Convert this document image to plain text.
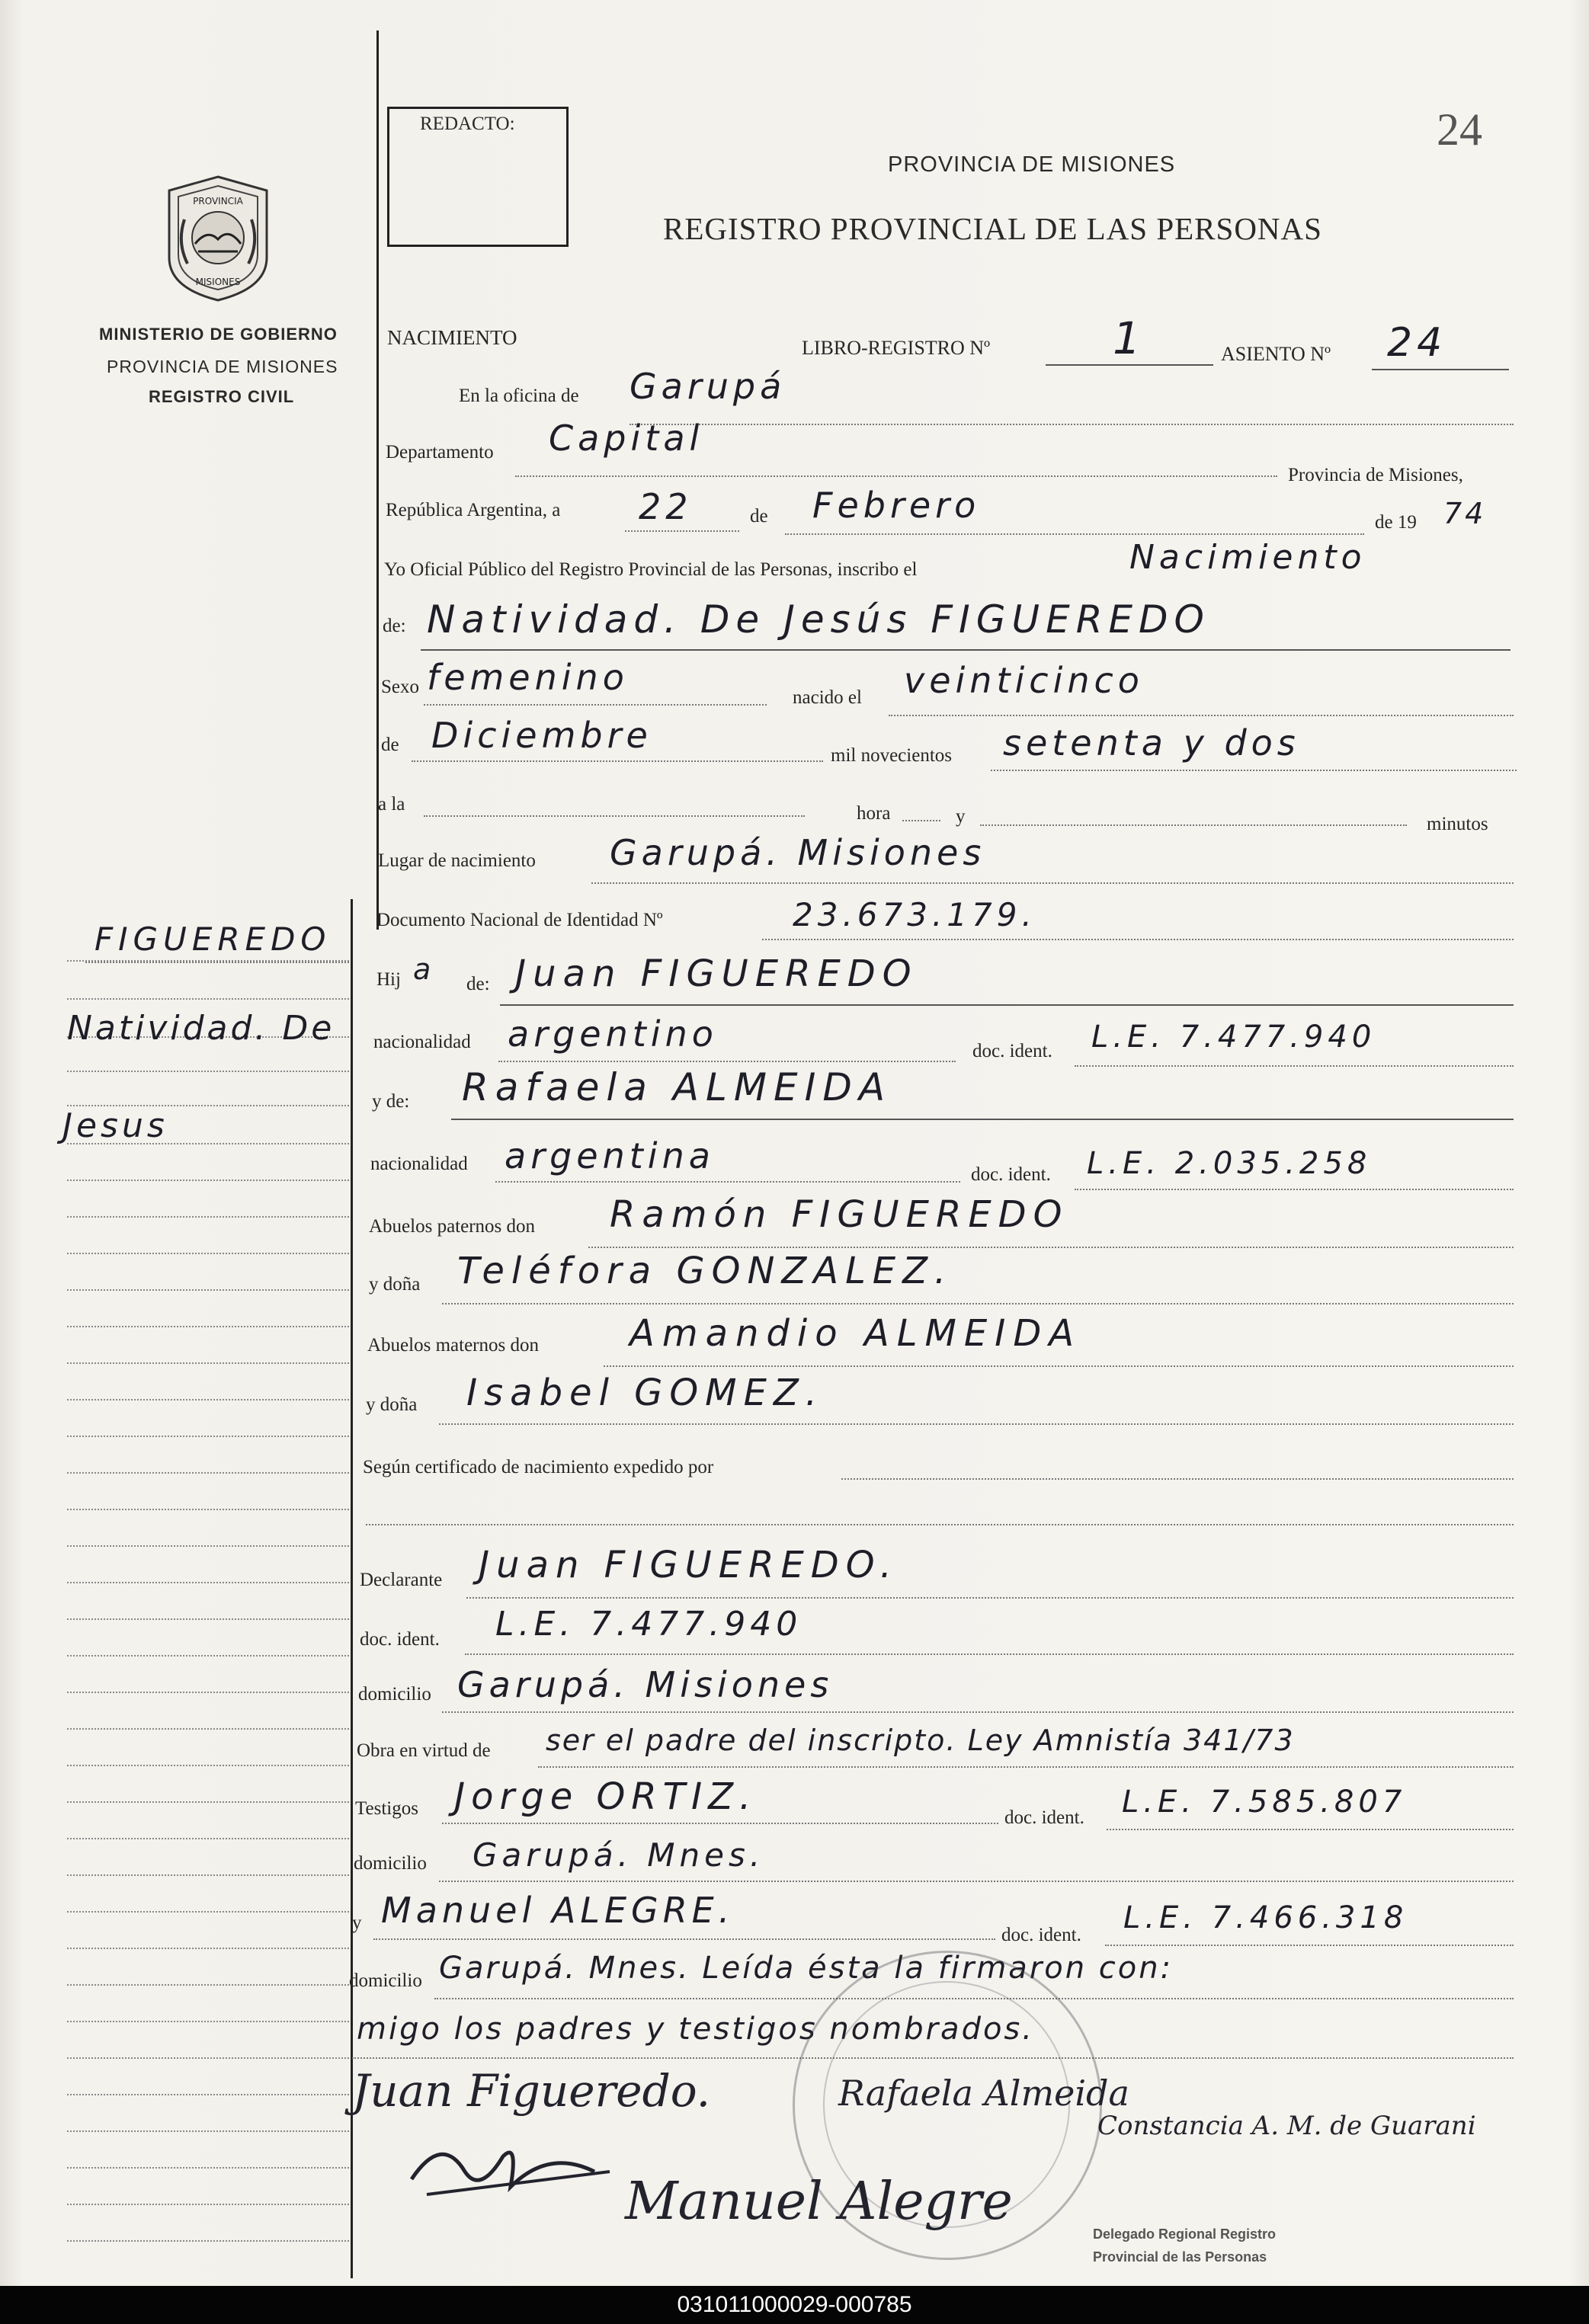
PROVINCIA
MISIONES
MINISTERIO DE GOBIERNO
PROVINCIA DE MISIONES
REGISTRO CIVIL
REDACTO:	24
PROVINCIA DE MISIONES
REGISTRO PROVINCIAL DE LAS PERSONAS
NACIMIENTO	LIBRO-REGISTRO Nº	1	ASIENTO Nº 24
En la oficina de Garupá
Departamento Capital
Provincia de Misiones,
República Argentina, a 22	de Febrero	de 19 74
Yo Oficial Público del Registro Provincial de las Personas, inscribo el	Nacimiento
de: Natividad. De Jesús FIGUEREDO
Sexo femenino	nacido el veinticinco
de Diciembre	mil novecientos setenta y dos
a la	hora	y	minutos
Lugar de nacimiento Garupá. Misiones
Documento Nacional de Identidad Nº	23.673.179.
FIGUEREDO
Natividad. De
Jesus
Hij a de: Juan FIGUEREDO
nacionalidad argentino	doc. ident. L.E. 7.477.940
y de: Rafaela ALMEIDA
nacionalidad argentina	doc. ident. L.E. 2.035.258
Abuelos paternos don Ramón FIGUEREDO
y doña Teléfora GONZALEZ.
Abuelos maternos don Amandio ALMEIDA
y doña Isabel GOMEZ.
Según certificado de nacimiento expedido por
Declarante Juan FIGUEREDO.
doc. ident. L.E. 7.477.940
domicilio Garupá. Misiones
Obra en virtud de ser el padre del inscripto. Ley Amnistía 341/73
Testigos Jorge ORTIZ.	doc. ident. L.E. 7.585.807
domicilio Garupá. Mnes.
y Manuel ALEGRE.
doc. ident. L.E. 7.466.318
domicilio Garupá. Mnes. Leída ésta la firmaron con:
migo los padres y testigos nombrados.
Juan Figueredo.	Rafaela Almeida
Constancia A. M. de Guarani
Manuel Alegre
Delegado Regional Registro
Provincial de las Personas
031011000029-000785
